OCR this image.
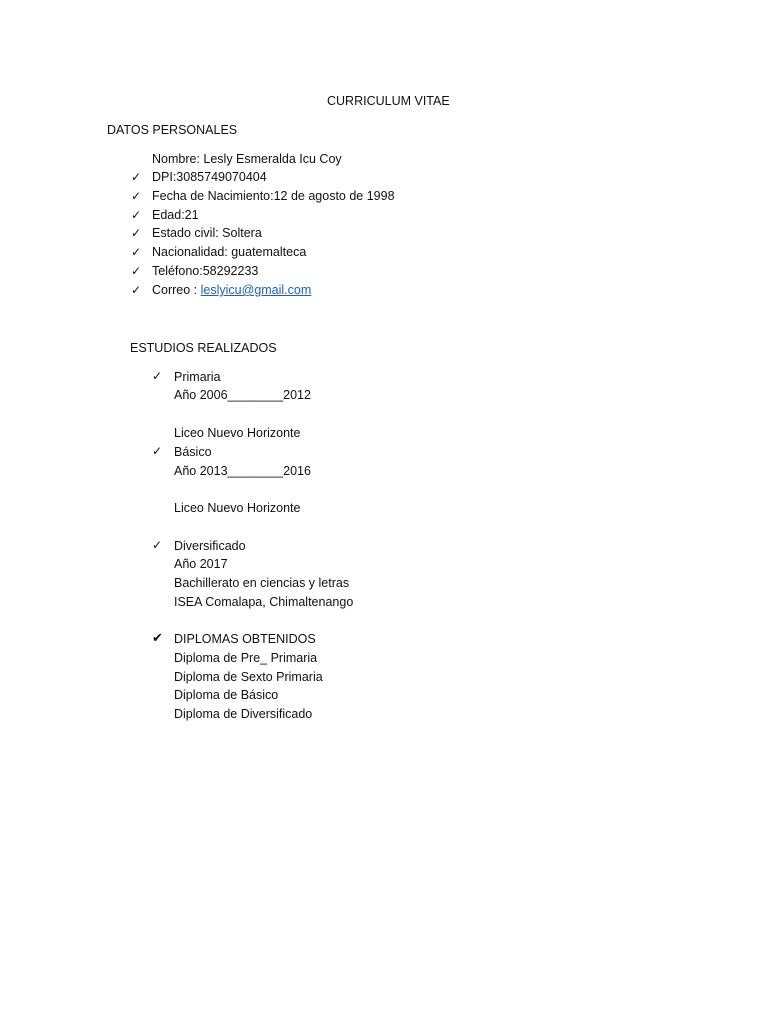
CURRICULUM VITAE
DATOS PERSONALES
Nombre: Lesly Esmeralda Icu Coy
✓ DPI:3085749070404
✓ Fecha de Nacimiento:12 de agosto de 1998
✓ Edad:21
✓ Estado civil: Soltera
✓ Nacionalidad: guatemalteca
✓ Teléfono:58292233
✓ Correo : leslyicu@gmail.com
ESTUDIOS REALIZADOS
✓ Primaria
Año 2006________2012
Liceo Nuevo Horizonte
✓ Básico
Año 2013________2016
Liceo Nuevo Horizonte
✓ Diversificado
Año 2017
Bachillerato en ciencias y letras
ISEA Comalapa, Chimaltenango
✔ DIPLOMAS OBTENIDOS
Diploma de Pre_ Primaria
Diploma de Sexto Primaria
Diploma de Básico
Diploma de Diversificado
